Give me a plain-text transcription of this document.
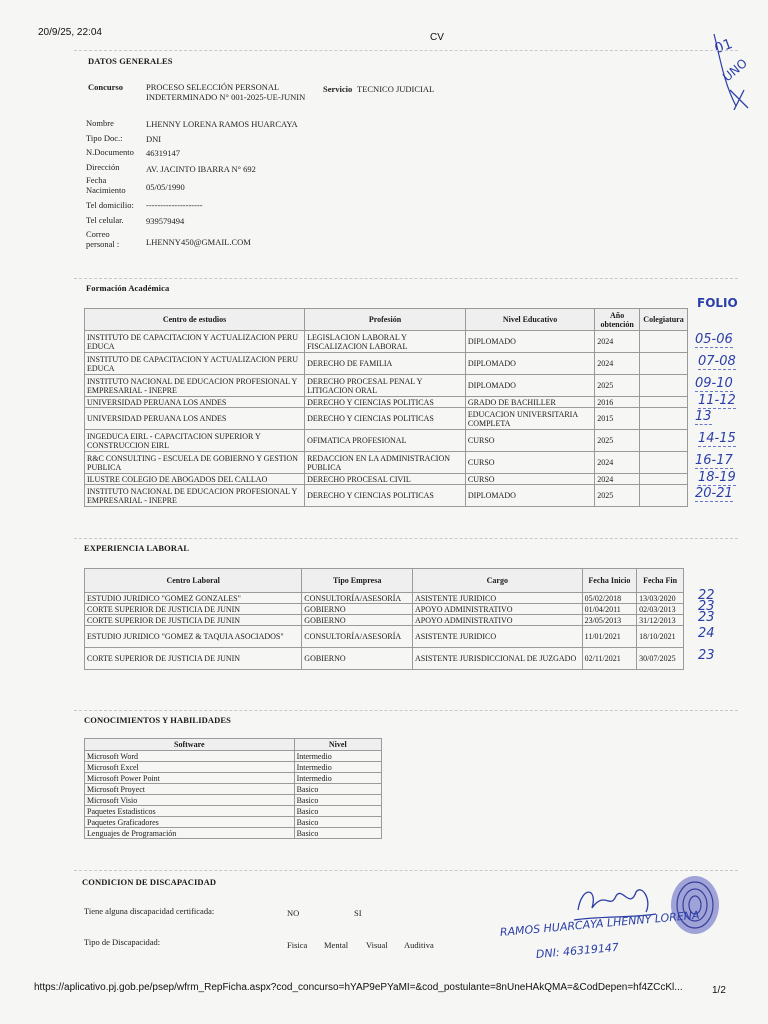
20/9/25, 22:04	CV	01
UNO
DATOS GENERALES
Concurso	PROCESO SELECCIÓN PERSONAL INDETERMINADO N° 001-2025-UE-JUNIN
Servicio TECNICO JUDICIAL
Nombre	LHENNY LORENA RAMOS HUARCAYA
Tipo Doc.:	DNI
N.Documento 46319147
Dirección	AV. JACINTO IBARRA N° 692
Fecha Nacimiento	05/05/1990
Tel domicilio: --------------------
Tel celular.	939579494
Correo personal :	LHENNY450@GMAIL.COM
Formación Académica
FOLIO
Centro de estudios	Profesión	Nivel Educativo	Año obtención	Colegiatura
INSTITUTO DE CAPACITACION Y ACTUALIZACION PERU EDUCA	LEGISLACION LABORAL Y FISCALIZACION LABORAL	DIPLOMADO	2024	
INSTITUTO DE CAPACITACION Y ACTUALIZACION PERU EDUCA	DERECHO DE FAMILIA	DIPLOMADO	2024	
INSTITUTO NACIONAL DE EDUCACION PROFESIONAL Y EMPRESARIAL - INEPRE	DERECHO PROCESAL PENAL Y LITIGACION ORAL	DIPLOMADO	2025	
UNIVERSIDAD PERUANA LOS ANDES	DERECHO Y CIENCIAS POLITICAS	GRADO DE BACHILLER	2016	
UNIVERSIDAD PERUANA LOS ANDES	DERECHO Y CIENCIAS POLITICAS	EDUCACION UNIVERSITARIA COMPLETA	2015	
INGEDUCA EIRL - CAPACITACION SUPERIOR Y CONSTRUCCION EIRL	OFIMATICA PROFESIONAL	CURSO	2025	
R&C CONSULTING - ESCUELA DE GOBIERNO Y GESTION PUBLICA	REDACCION EN LA ADMINISTRACION PUBLICA	CURSO	2024	
ILUSTRE COLEGIO DE ABOGADOS DEL CALLAO	DERECHO PROCESAL CIVIL	CURSO	2024	
INSTITUTO NACIONAL DE EDUCACION PROFESIONAL Y EMPRESARIAL - INEPRE	DERECHO Y CIENCIAS POLITICAS	DIPLOMADO	2025	
05-06
07-08
09-10
11-12
13
14-15
16-17
18-19
20-21
EXPERIENCIA LABORAL
Centro Laboral	Tipo Empresa	Cargo	Fecha Inicio	Fecha Fin
ESTUDIO JURIDICO "GOMEZ GONZALES"	CONSULTORÍA/ASESORÍA	ASISTENTE JURIDICO	05/02/2018	13/03/2020
CORTE SUPERIOR DE JUSTICIA DE JUNIN	GOBIERNO	APOYO ADMINISTRATIVO	01/04/2011	02/03/2013
CORTE SUPERIOR DE JUSTICIA DE JUNIN	GOBIERNO	APOYO ADMINISTRATIVO	23/05/2013	31/12/2013
ESTUDIO JURIDICO "GOMEZ & TAQUIA ASOCIADOS"	CONSULTORÍA/ASESORÍA	ASISTENTE JURIDICO	11/01/2021	18/10/2021
CORTE SUPERIOR DE JUSTICIA DE JUNIN	GOBIERNO	ASISTENTE JURISDICCIONAL DE JUZGADO	02/11/2021	30/07/2025
22
23
23
24
23
CONOCIMIENTOS Y HABILIDADES
Software	Nivel
Microsoft Word	Intermedio
Microsoft Excel	Intermedio
Microsoft Power Point	Intermedio
Microsoft Proyect	Basico
Microsoft Visio	Basico
Paquetes Estadisticos	Basico
Paquetes Graficadores	Basico
Lenguajes de Programación	Basico
CONDICION DE DISCAPACIDAD
Tiene alguna discapacidad certificada:	NO	SI
Tipo de Discapacidad:	Fisica Mental Visual Auditiva
RAMOS HUARCAYA LHENNY LORENA
DNI: 46319147
https://aplicativo.pj.gob.pe/psep/wfrm_RepFicha.aspx?cod_concurso=hYAP9ePYaMI=&cod_postulante=8nUneHAkQMA=&CodDepen=hf4ZCcKl...	1/2
